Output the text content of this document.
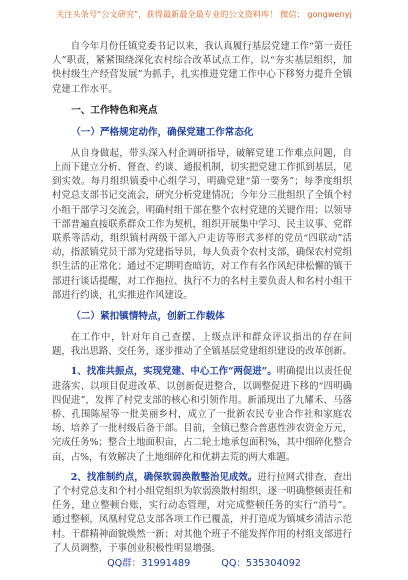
关注头条号“公文研究”，获得最新最全最专业的公文资料库！ 微信： gongwenyj

自今年月份任镇党委书记以来，我认真履行基层党建工作“第一责任人”职责，紧紧围绕深化农村综合改革试点工作，以“夯实基层组织，加快村级生产经营发展”为抓手，扎实推进党建工作中心下移努力提升全镇党建工作水平。

一、工作特色和亮点
（一）严格规定动作，确保党建工作常态化

从自身做起，带头深入村企调研指导，破解党建工作难点问题，自上而下建立分析、督查、约谈、通报机制，切实把党建工作抓到基层，见到实效。每月组织镇委中心组学习，明确党建“第一要务”；每季度组织村党总支部书记交流会，研究分析党建情况；今年分三批组织了全镇个村小组干部学习交流会，明确村组干部在整个农村党建的关键作用；以领导干部普遍直接联系群众工作为契机，组织开展集中学习、民主议事、党群联系等活动，组织镇村两级干部入户走访等形式多样的党员“四联动”活动，指派镇党员干部为党建指导员，每人负责个农村支部，确保农村党组织生活的正常化；通过不定期明查暗访，对工作有名作风纪律松懈的镇干部进行谈话提醒，对工作拖拉、执行不力的名村主要负责人和名村小组干部进行约谈，扎实推进作风建设。

（二）紧扣镇情特点，创新工作载体

在工作中，针对年自己查摆、上级点评和群众评议指出的存在问题，我出思路、交任务，逐步推动了全镇基层党建组织建设的改革创新。

1、找准共振点，实现党建、中心工作“两促进”。明确提出以责任促进落实、以项目促进改革、以创新促进整合，以调整促进下移的“四明确四促进”，发挥了村党支部的核心和引领作用。新涌现出了九耀禾、马落桥、孔围陈屋等一批美丽乡村，成立了一批新农民专业合作社和家庭农场、培养了一批村级后备干部。目前，全镇已整合普惠性涉农资金万元，完成任务%；整合土地面积亩，占二轮土地承包面积%，其中细碎化整合亩，占%，有效解决了土地细碎化和优耕去荒的两大难题。

2、找准制约点，确保软弱涣散整治见成效。进行拉网式排查，查出了个村党总支和个村小组党组织为软弱涣散村组织，逐一明确整顿责任和任务，建立整顿台账，实行动态管理，对完成整顿任务的实行“消号”。通过整顿，凤凰村党总支部各项工作已覆盖，并打造成为镇城乡清洁示范村。干群精神面貌焕然一新；对其他个班子不能发挥作用的村组支部进行了人员调整，干事创业积极性明显增强。

QQ群：31991489	QQ：535304092
